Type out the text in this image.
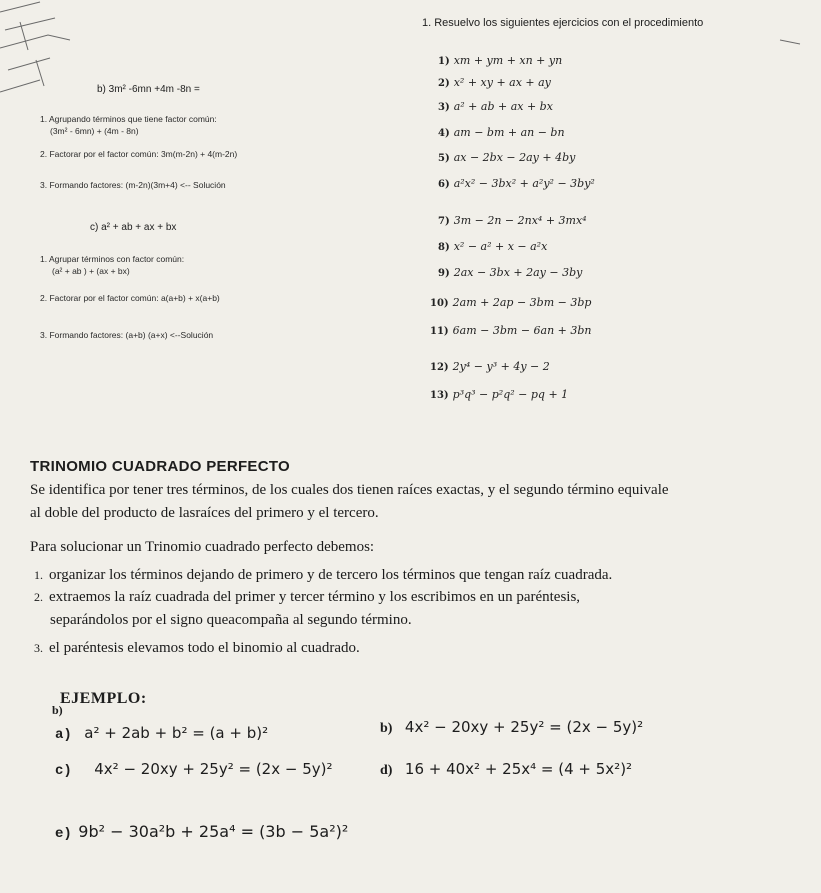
1. Resuelvo los siguientes ejercicios con el procedimiento
1) xm + ym + xn + yn
2) x² + xy + ax + ay
3) a² + ab + ax + bx
4) am − bm + an − bn
5) ax − 2bx − 2ay + 4by
6) a²x² − 3bx² + a²y² − 3by²
7) 3m − 2n − 2nx⁴ + 3mx⁴
8) x² − a² + x − a²x
9) 2ax − 3bx + 2ay − 3by
10) 2am + 2ap − 3bm − 3bp
11) 6am − 3bm − 6an + 3bn
12) 2y⁴ − y³ + 4y − 2
13) p³q³ − p²q² − pq + 1
b) 3m² -6mn +4m -8n =
1. Agrupando términos que tiene factor común:
(3m² - 6mn) + (4m - 8n)
2. Factorar por el factor común: 3m(m-2n) + 4(m-2n)
3. Formando factores: (m-2n)(3m+4) <-- Solución
c) a² + ab + ax + bx
1. Agrupar términos con factor común:
(a² + ab ) + (ax + bx)
2. Factorar por el factor común: a(a+b) + x(a+b)
3. Formando factores: (a+b) (a+x) <--Solución
TRINOMIO CUADRADO PERFECTO
Se identifica por tener tres términos, de los cuales dos tienen raíces exactas, y el segundo término equivale
al doble del producto de lasraíces del primero y el tercero.
Para solucionar un Trinomio cuadrado perfecto debemos:
1. organizar los términos dejando de primero y de tercero los términos que tengan raíz cuadrada.
2. extraemos la raíz cuadrada del primer y tercer término y los escribimos en un paréntesis,
separándolos por el signo queacompaña al segundo término.
3. el paréntesis elevamos todo el binomio al cuadrado.
EJEMPLO:
b)
a) a² + 2ab + b² = (a + b)²	b) 4x² − 20xy + 25y² = (2x − 5y)²
c) 4x² − 20xy + 25y² = (2x − 5y)²	d) 16 + 40x² + 25x⁴ = (4 + 5x²)²
e) 9b² − 30a²b + 25a⁴ = (3b − 5a²)²
